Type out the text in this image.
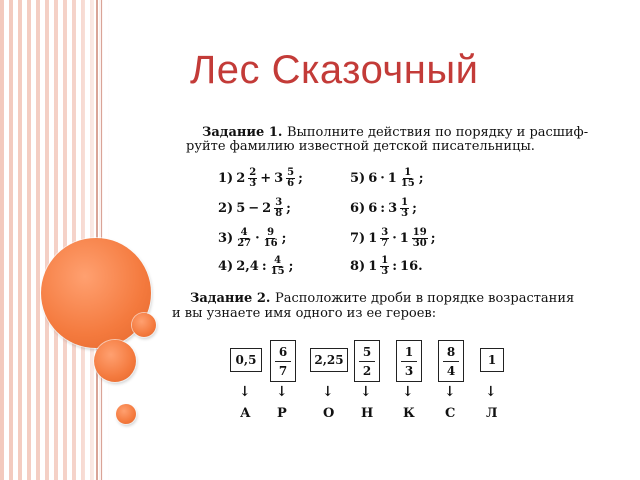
Лес Сказочный
Задание 1. Выполните действия по порядку и расшиф-
руйте фамилию известной детской писательницы.
1) $2 \frac{2}{3} + 3 \frac{5}{6}$ ;
2) $5 - 2 \frac{3}{8}$ ;
$3) \frac{4}{27} \cdot \frac{9}{16}$ ;
4) 2,4 : $\frac{4}{15}$ ;
5) $6 \cdot 1 \frac{1}{15}$ ;
6) 6 : $3 \frac{1}{3}$ ;
7) $1 \frac{3}{7} \cdot 1 \frac{19}{30}$ ;
8) $1 \frac{1}{3}$ : 16.
Задание 2. Расположите дроби в порядке возрастания
и вы узнаете имя одного из ее героев:
0,5
6
7
2,25
5
2
1
3
8
4
1
↓ ↓ ↓ ↓ ↓ ↓ ↓
А Р	О Н К С Л
